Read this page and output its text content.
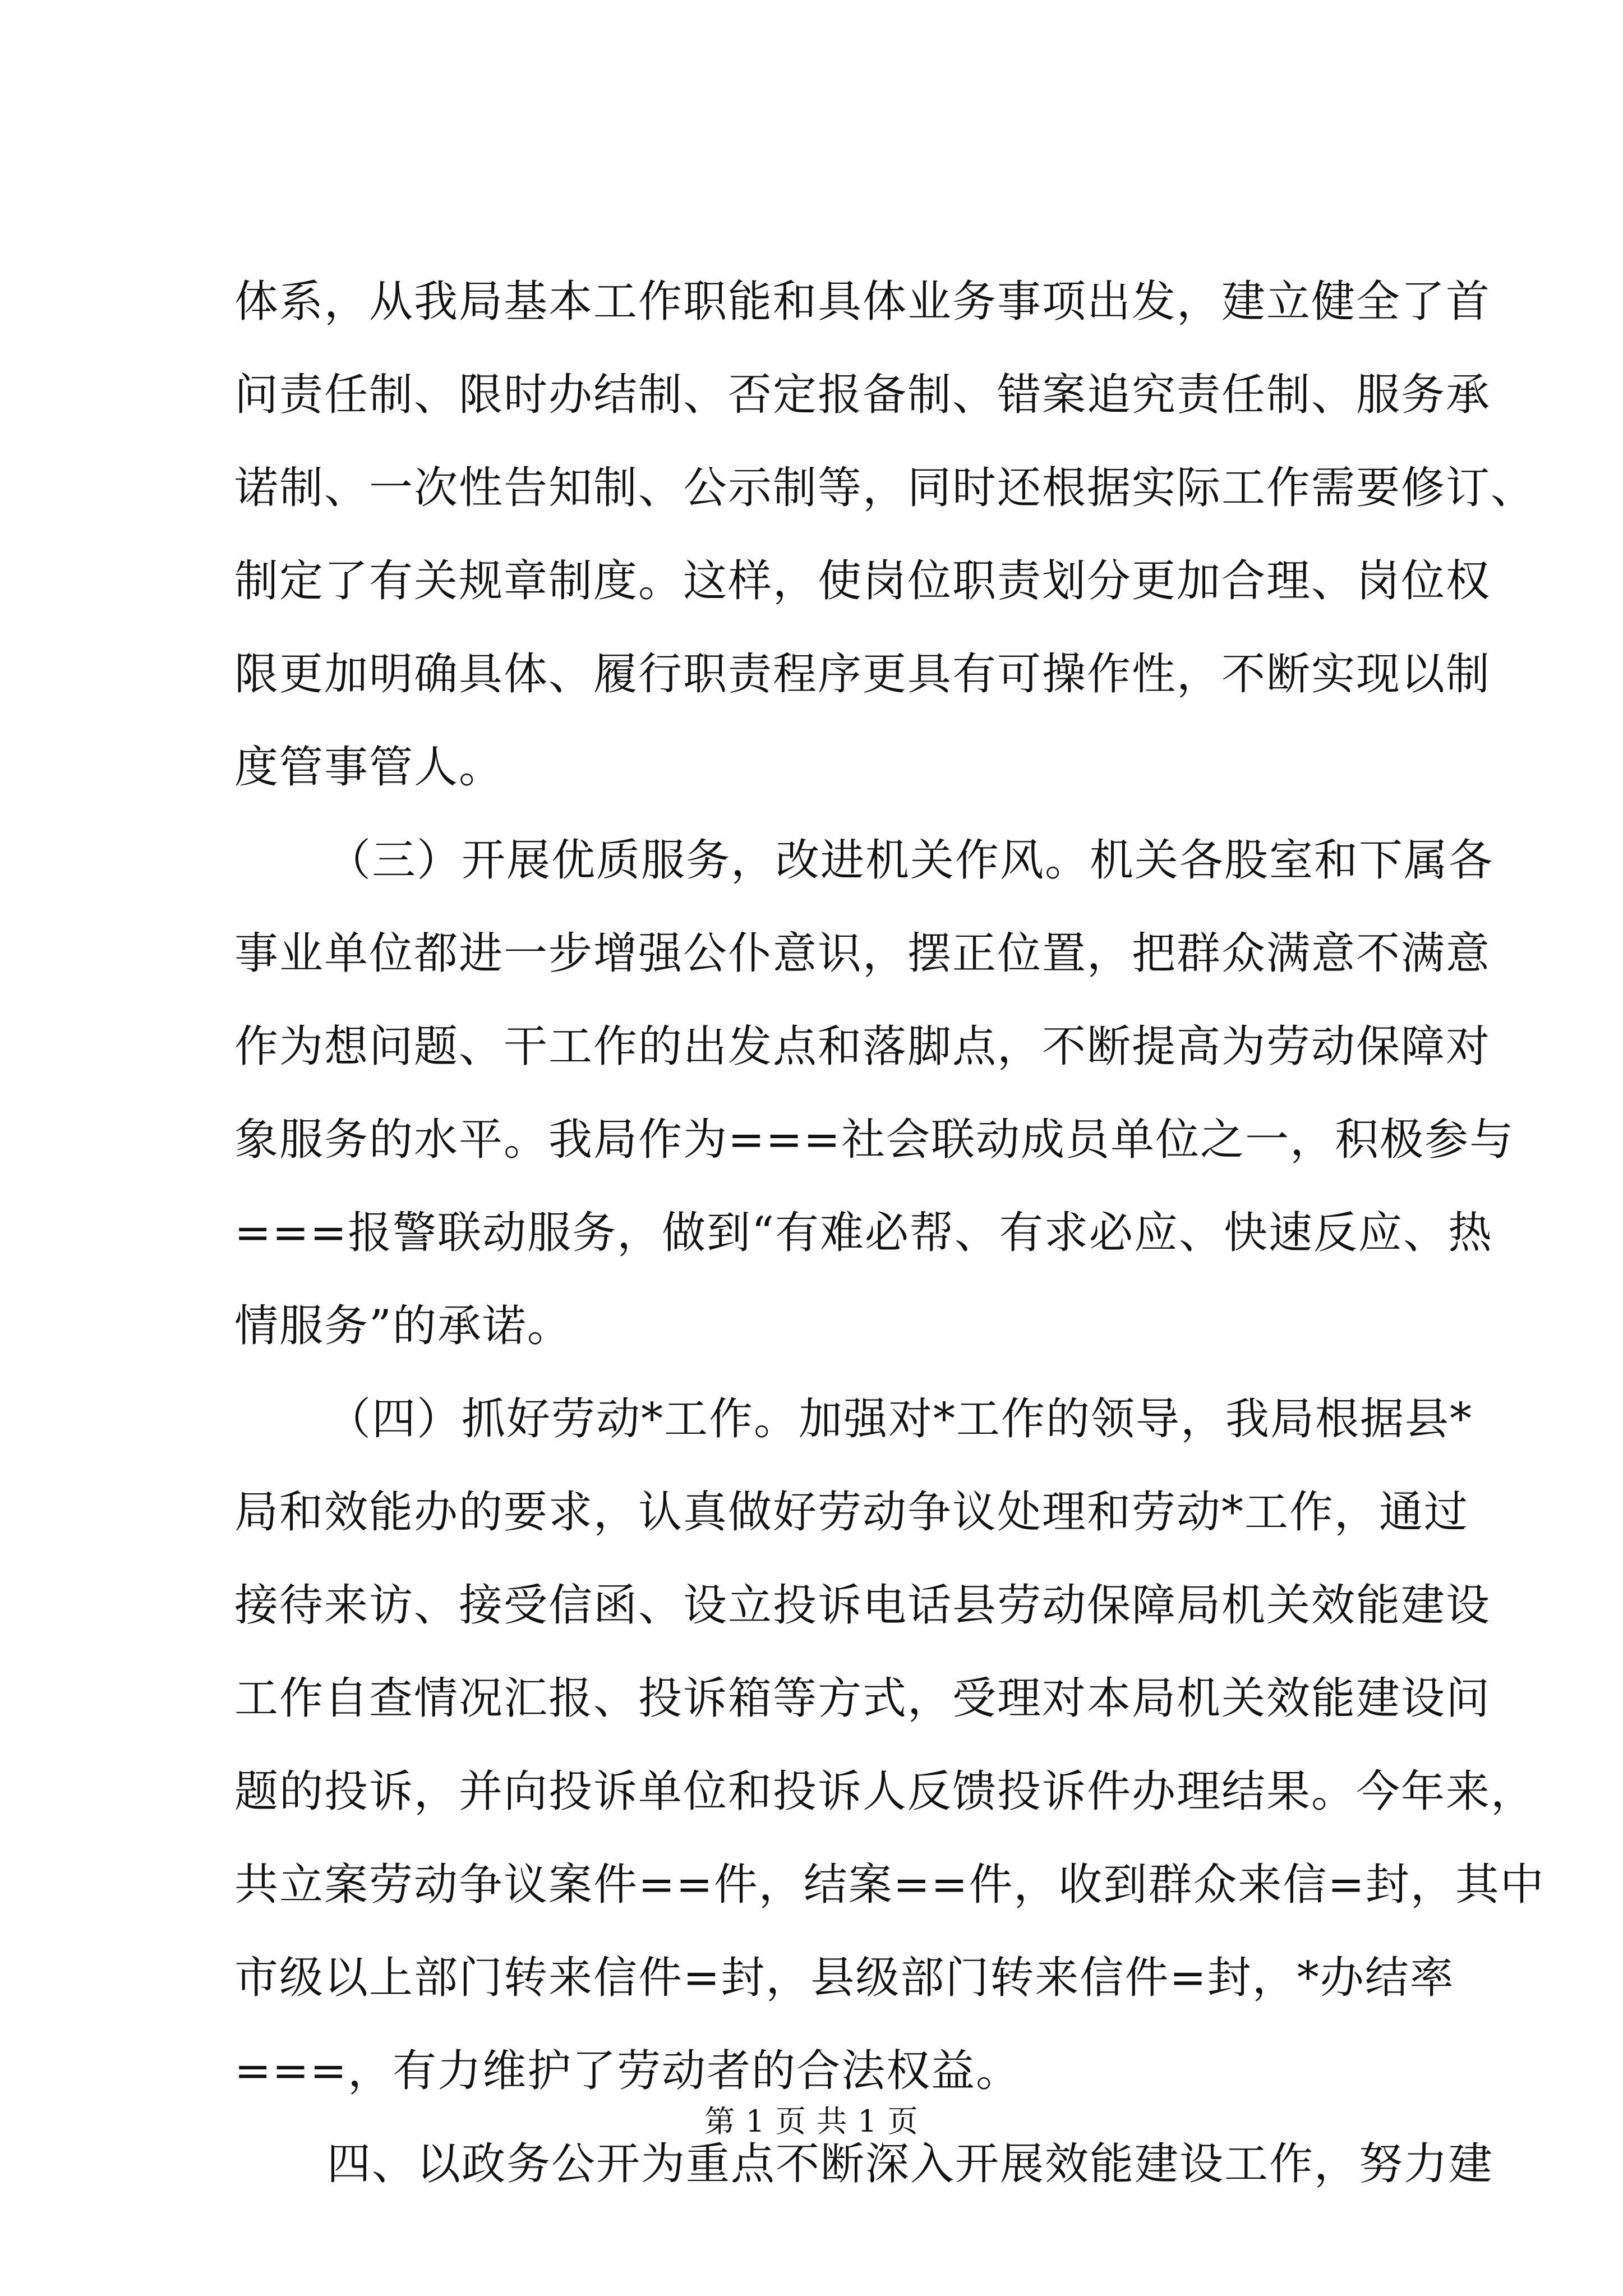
体系，从我局基本工作职能和具体业务事项出发，建立健全了首
问责任制、限时办结制、否定报备制、错案追究责任制、服务承
诺制、一次性告知制、公示制等，同时还根据实际工作需要修订、
制定了有关规章制度。这样，使岗位职责划分更加合理、岗位权
限更加明确具体、履行职责程序更具有可操作性，不断实现以制
度管事管人。
（三）开展优质服务，改进机关作风。机关各股室和下属各
事业单位都进一步增强公仆意识，摆正位置，把群众满意不满意
作为想问题、干工作的出发点和落脚点，不断提高为劳动保障对
象服务的水平。我局作为===社会联动成员单位之一，积极参与
===报警联动服务，做到“有难必帮、有求必应、快速反应、热
情服务”的承诺。
（四）抓好劳动*工作。加强对*工作的领导，我局根据县*
局和效能办的要求，认真做好劳动争议处理和劳动*工作，通过
接待来访、接受信函、设立投诉电话县劳动保障局机关效能建设
工作自查情况汇报、投诉箱等方式，受理对本局机关效能建设问
题的投诉，并向投诉单位和投诉人反馈投诉件办理结果。今年来，
共立案劳动争议案件==件，结案==件，收到群众来信=封，其中
市级以上部门转来信件=封，县级部门转来信件=封，*办结率
===，有力维护了劳动者的合法权益。
四、以政务公开为重点不断深入开展效能建设工作，努力建
第 1 页 共 1 页
